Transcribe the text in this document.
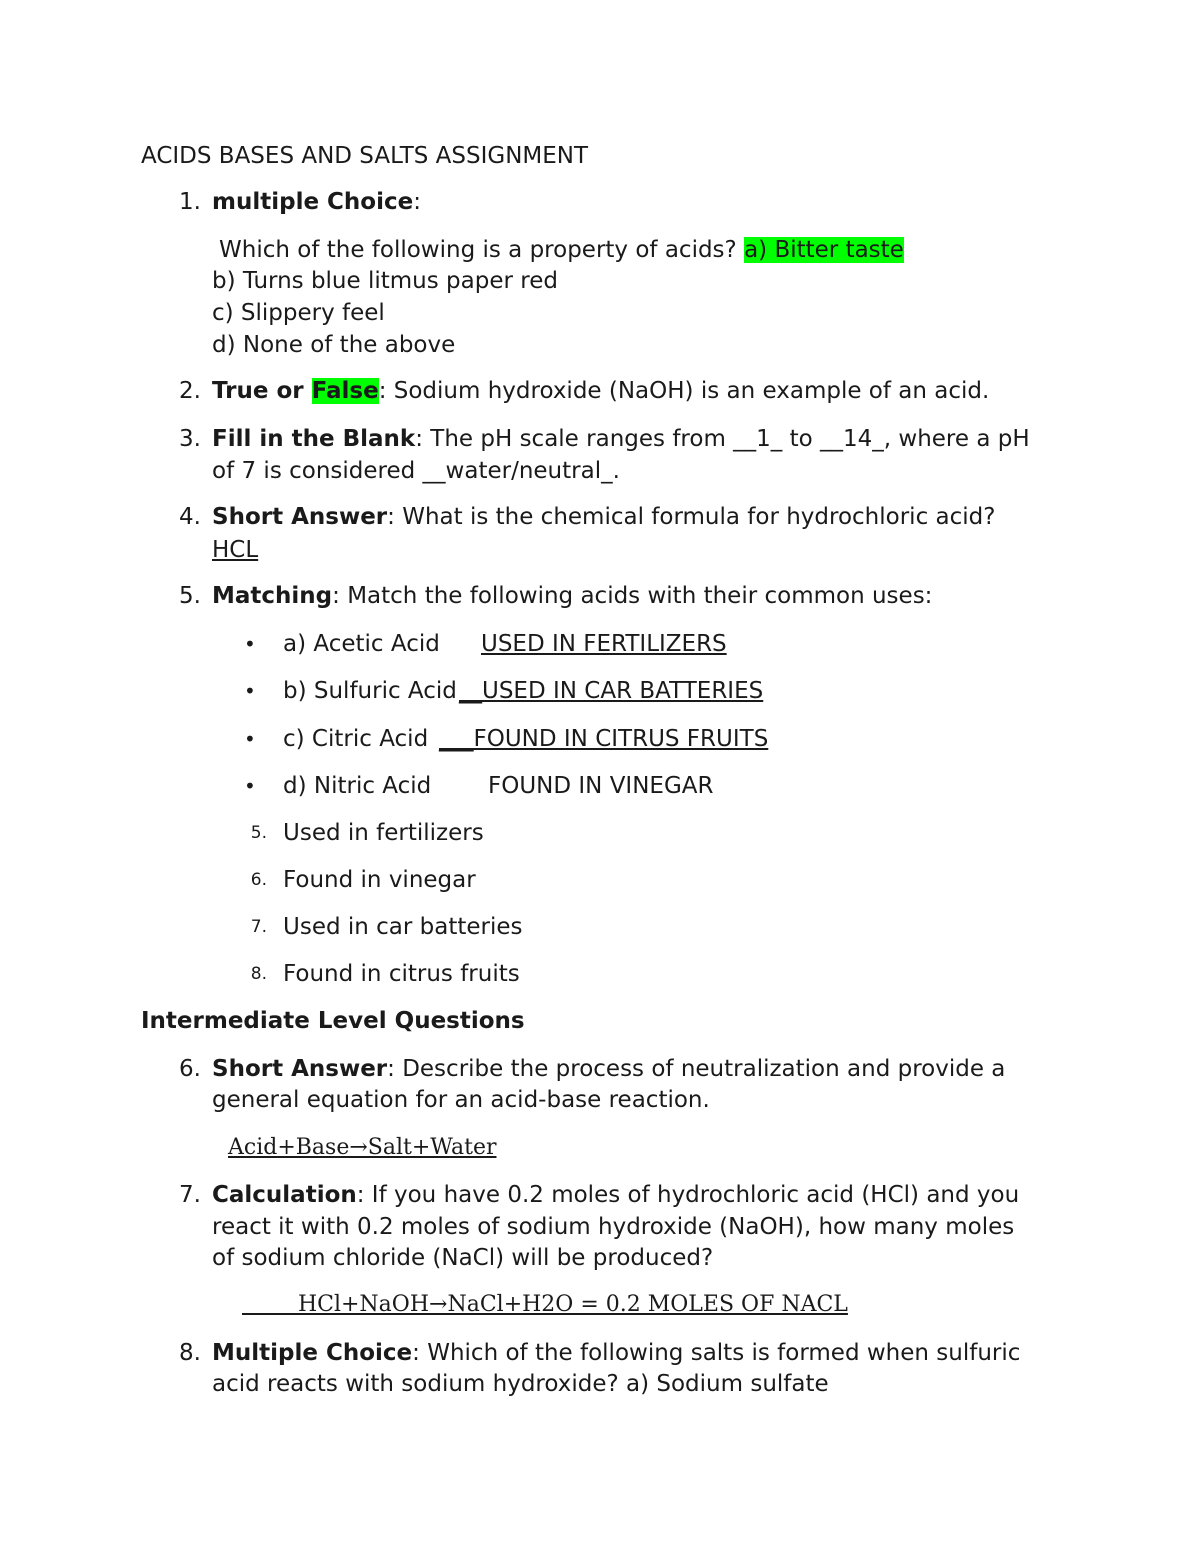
ACIDS BASES AND SALTS ASSIGNMENT
1. multiple Choice:
Which of the following is a property of acids? a) Bitter taste
b) Turns blue litmus paper red
c) Slippery feel
d) None of the above
2. True or False: Sodium hydroxide (NaOH) is an example of an acid.
3. Fill in the Blank: The pH scale ranges from __1_ to __14_, where a pH
of 7 is considered __water/neutral_.
4. Short Answer: What is the chemical formula for hydrochloric acid?
HCL
5. Matching: Match the following acids with their common uses:
• a) Acetic Acid USED IN FERTILIZERS
• b) Sulfuric Acid __USED IN CAR BATTERIES
• c) Citric Acid ___FOUND IN CITRUS FRUITS
• d) Nitric Acid FOUND IN VINEGAR
5. Used in fertilizers
6. Found in vinegar
7. Used in car batteries
8. Found in citrus fruits
Intermediate Level Questions
6. Short Answer: Describe the process of neutralization and provide a
general equation for an acid-base reaction.
Acid+Base→Salt+Water
7. Calculation: If you have 0.2 moles of hydrochloric acid (HCl) and you
react it with 0.2 moles of sodium hydroxide (NaOH), how many moles
of sodium chloride (NaCl) will be produced?
HCl+NaOH→NaCl+H2O = 0.2 MOLES OF NACL
8. Multiple Choice: Which of the following salts is formed when sulfuric
acid reacts with sodium hydroxide? a) Sodium sulfate
